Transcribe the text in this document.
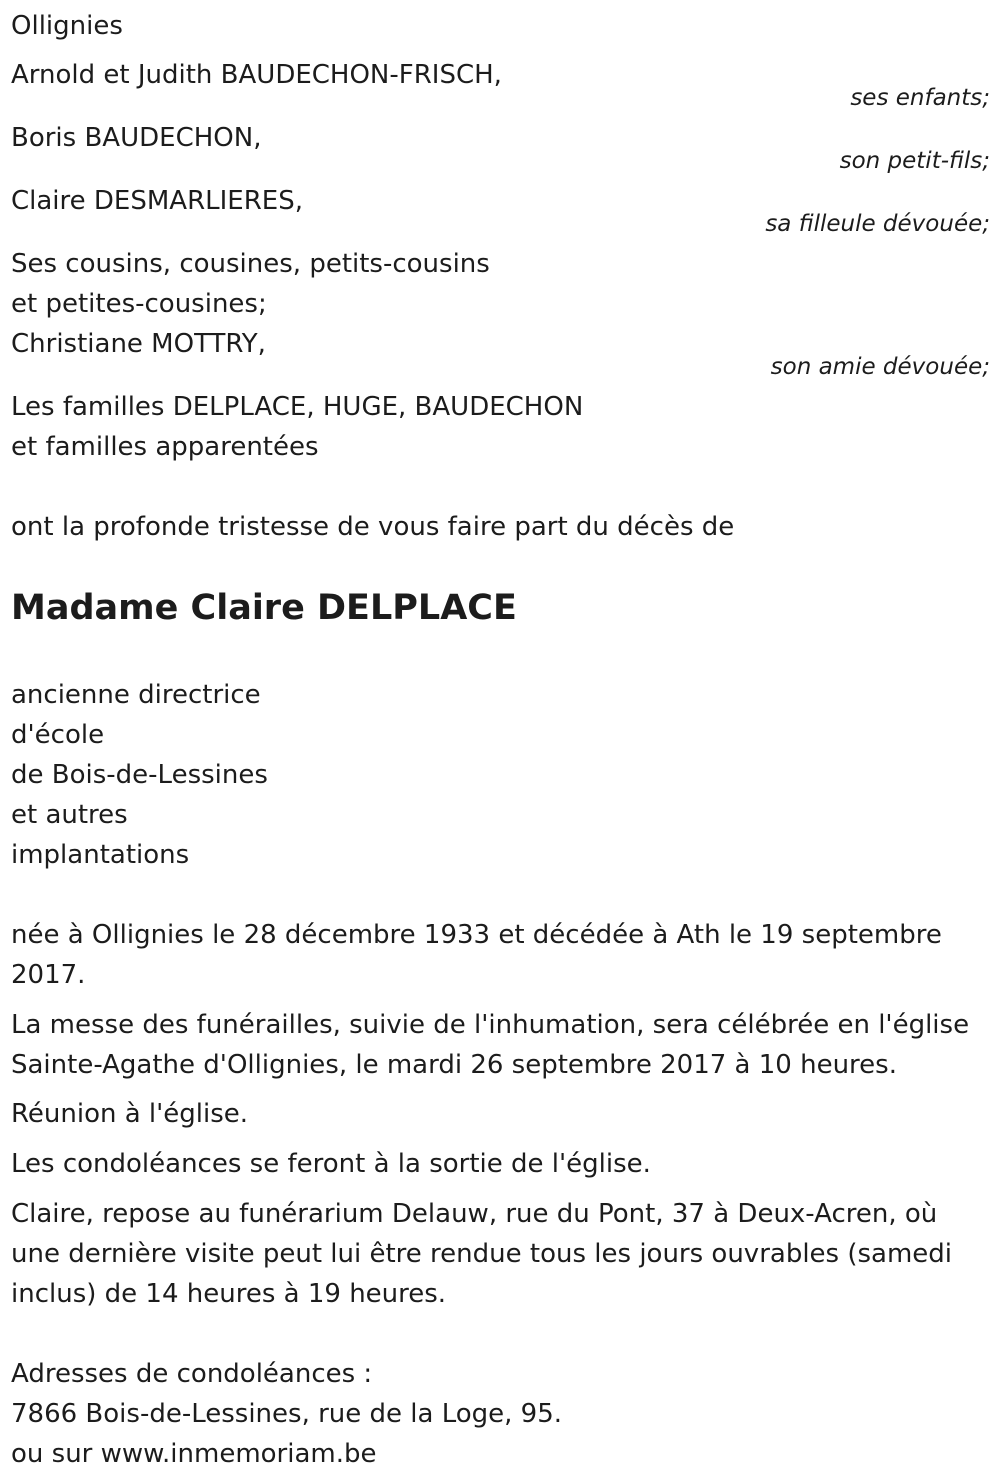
Ollignies
Arnold et Judith BAUDECHON-FRISCH,
ses enfants;
Boris BAUDECHON,
son petit-fils;
Claire DESMARLIERES,
sa filleule dévouée;
Ses cousins, cousines, petits-cousins
et petites-cousines;
Christiane MOTTRY,
son amie dévouée;
Les familles DELPLACE, HUGE, BAUDECHON
et familles apparentées
ont la profonde tristesse de vous faire part du décès de
Madame Claire DELPLACE
ancienne directrice
d'école
de Bois-de-Lessines
et autres
implantations
née à Ollignies le 28 décembre 1933 et décédée à Ath le 19 septembre
2017.
La messe des funérailles, suivie de l'inhumation, sera célébrée en l'église
Sainte-Agathe d'Ollignies, le mardi 26 septembre 2017 à 10 heures.
Réunion à l'église.
Les condoléances se feront à la sortie de l'église.
Claire, repose au funérarium Delauw, rue du Pont, 37 à Deux-Acren, où
une dernière visite peut lui être rendue tous les jours ouvrables (samedi
inclus) de 14 heures à 19 heures.
Adresses de condoléances :
7866 Bois-de-Lessines, rue de la Loge, 95.
ou sur www.inmemoriam.be
